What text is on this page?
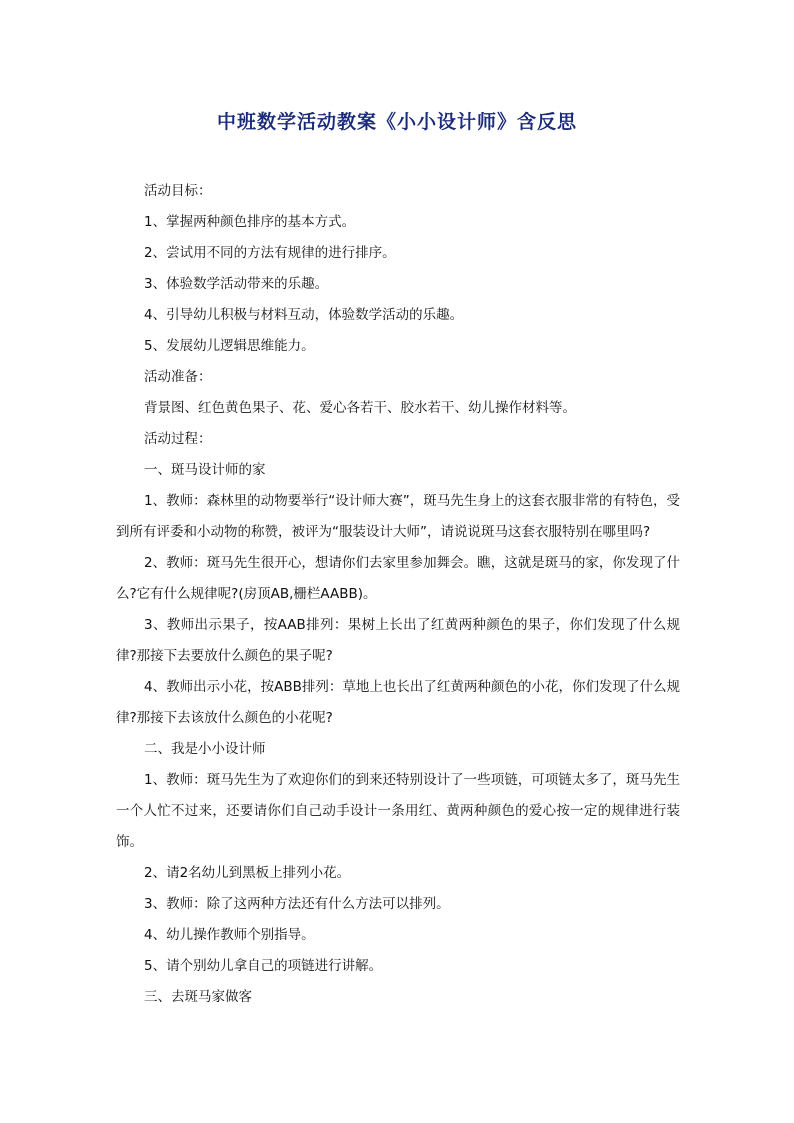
中班数学活动教案《小小设计师》含反思

活动目标：

1、掌握两种颜色排序的基本方式。

2、尝试用不同的方法有规律的进行排序。

3、体验数学活动带来的乐趣。

4、引导幼儿积极与材料互动，体验数学活动的乐趣。

5、发展幼儿逻辑思维能力。

活动准备：

背景图、红色黄色果子、花、爱心各若干、胶水若干、幼儿操作材料等。

活动过程：

一、斑马设计师的家

1、教师：森林里的动物要举行“设计师大赛”，斑马先生身上的这套衣服非常的有特色，受到所有评委和小动物的称赞，被评为“服装设计大师”，请说说斑马这套衣服特别在哪里吗?

2、教师：斑马先生很开心，想请你们去家里参加舞会。瞧，这就是斑马的家，你发现了什么?它有什么规律呢?(房顶AB,栅栏AABB)。

3、教师出示果子，按AAB排列：果树上长出了红黄两种颜色的果子，你们发现了什么规律?那接下去要放什么颜色的果子呢?

4、教师出示小花，按ABB排列：草地上也长出了红黄两种颜色的小花，你们发现了什么规律?那接下去该放什么颜色的小花呢?

二、我是小小设计师

1、教师：斑马先生为了欢迎你们的到来还特别设计了一些项链，可项链太多了，斑马先生一个人忙不过来，还要请你们自己动手设计一条用红、黄两种颜色的爱心按一定的规律进行装饰。

2、请2名幼儿到黑板上排列小花。

3、教师：除了这两种方法还有什么方法可以排列。

4、幼儿操作教师个别指导。

5、请个别幼儿拿自己的项链进行讲解。

三、去斑马家做客
